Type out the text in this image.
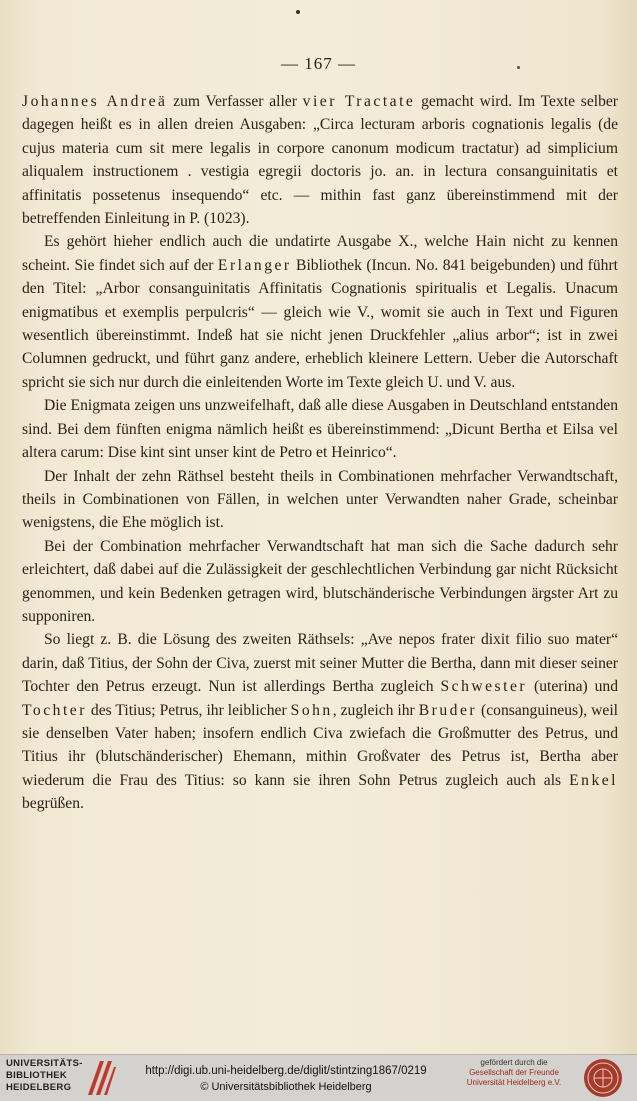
— 167 —

Johannes Andreä zum Verfasser aller vier Tractate gemacht wird. Im Texte selber dagegen heißt es in allen dreien Ausgaben: „Circa lecturam arboris cognationis legalis (de cujus materia cum sit mere legalis in corpore canonum modicum tractatur) ad simplicium aliqualem instructionem . vestigia egregii doctoris jo. an. in lectura consanguinitatis et affinitatis possetenus insequendo“ etc. — mithin fast ganz übereinstimmend mit der betreffenden Einleitung in P. (1023).

Es gehört hieher endlich auch die undatirte Ausgabe X., welche Hain nicht zu kennen scheint. Sie findet sich auf der Erlanger Bibliothek (Incun. No. 841 beigebunden) und führt den Titel: „Arbor consanguinitatis Affinitatis Cognationis spiritualis et Legalis. Unacum enigmatibus et exemplis perpulcris“ — gleich wie V., womit sie auch in Text und Figuren wesentlich übereinstimmt. Indeß hat sie nicht jenen Druckfehler „alius arbor“; ist in zwei Columnen gedruckt, und führt ganz andere, erheblich kleinere Lettern. Ueber die Autorschaft spricht sie sich nur durch die einleitenden Worte im Texte gleich U. und V. aus.

Die Enigmata zeigen uns unzweifelhaft, daß alle diese Ausgaben in Deutschland entstanden sind. Bei dem fünften enigma nämlich heißt es übereinstimmend: „Dicunt Bertha et Eilsa vel altera carum: Dise kint sint unser kint de Petro et Heinrico“.

Der Inhalt der zehn Räthsel besteht theils in Combinationen mehrfacher Verwandtschaft, theils in Combinationen von Fällen, in welchen unter Verwandten naher Grade, scheinbar wenigstens, die Ehe möglich ist.

Bei der Combination mehrfacher Verwandtschaft hat man sich die Sache dadurch sehr erleichtert, daß dabei auf die Zulässigkeit der geschlechtlichen Verbindung gar nicht Rücksicht genommen, und kein Bedenken getragen wird, blutschänderische Verbindungen ärgster Art zu supponiren.

So liegt z. B. die Lösung des zweiten Räthsels: „Ave nepos frater dixit filio suo mater“ darin, daß Titius, der Sohn der Civa, zuerst mit seiner Mutter die Bertha, dann mit dieser seiner Tochter den Petrus erzeugt. Nun ist allerdings Bertha zugleich Schwester (uterina) und Tochter des Titius; Petrus, ihr leiblicher Sohn, zugleich ihr Bruder (consanguineus), weil sie denselben Vater haben; insofern endlich Civa zwiefach die Großmutter des Petrus, und Titius ihr (blutschänderischer) Ehemann, mithin Großvater des Petrus ist, Bertha aber wiederum die Frau des Titius: so kann sie ihren Sohn Petrus zugleich auch als Enkel begrüßen.

UNIVERSITÄTS-
BIBLIOTHEK
HEIDELBERG
http://digi.ub.uni-heidelberg.de/diglit/stintzing1867/0219
© Universitätsbibliothek Heidelberg
gefördert durch die
Gesellschaft der Freunde
Universität Heidelberg e.V.
